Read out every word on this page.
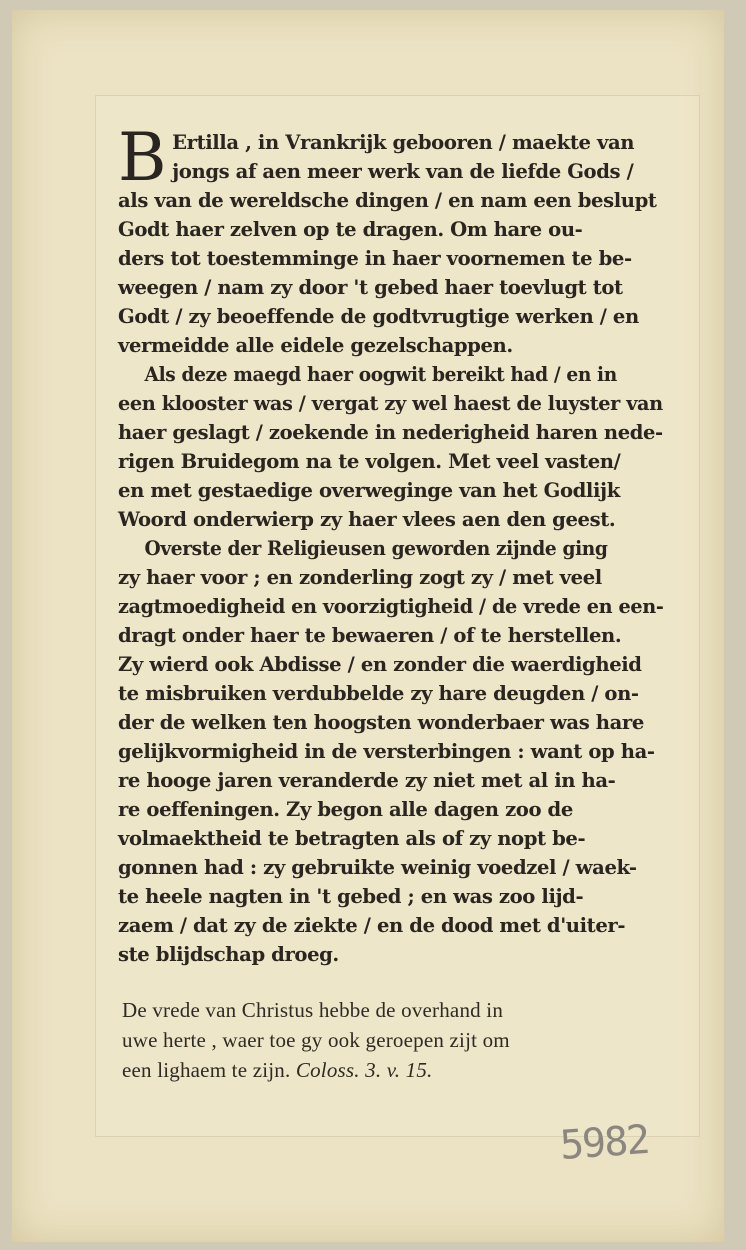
B Ertilla , in Vrankrijk gebooren / maekte van
jongs af aen meer werk van de liefde Gods /
als van de wereldsche dingen / en nam een beslupt
Godt haer zelven op te dragen. Om hare ou-
ders tot toestemminge in haer voornemen te be-
weegen / nam zy door 't gebed haer toevlugt tot
Godt / zy beoeffende de godtvrugtige werken / en
vermeidde alle eidele gezelschappen.
Als deze maegd haer oogwit bereikt had / en in
een klooster was / vergat zy wel haest de luyster van
haer geslagt / zoekende in nederigheid haren nede-
rigen Bruidegom na te volgen. Met veel vasten/
en met gestaedige overweginge van het Godlijk
Woord onderwierp zy haer vlees aen den geest.
Overste der Religieusen geworden zijnde ging
zy haer voor ; en zonderling zogt zy / met veel
zagtmoedigheid en voorzigtigheid / de vrede en een-
dragt onder haer te bewaeren / of te herstellen.
Zy wierd ook Abdisse / en zonder die waerdigheid
te misbruiken verdubbelde zy hare deugden / on-
der de welken ten hoogsten wonderbaer was hare
gelijkvormigheid in de versterbingen : want op ha-
re hooge jaren veranderde zy niet met al in ha-
re oeffeningen. Zy begon alle dagen zoo de
volmaektheid te betragten als of zy nopt be-
gonnen had : zy gebruikte weinig voedzel / waek-
te heele nagten in 't gebed ; en was zoo lijd-
zaem / dat zy de ziekte / en de dood met d'uiter-
ste blijdschap droeg.
De vrede van Christus hebbe de overhand in
uwe herte , waer toe gy ook geroepen zijt om
een lighaem te zijn. Coloss. 3. v. 15.
5982
